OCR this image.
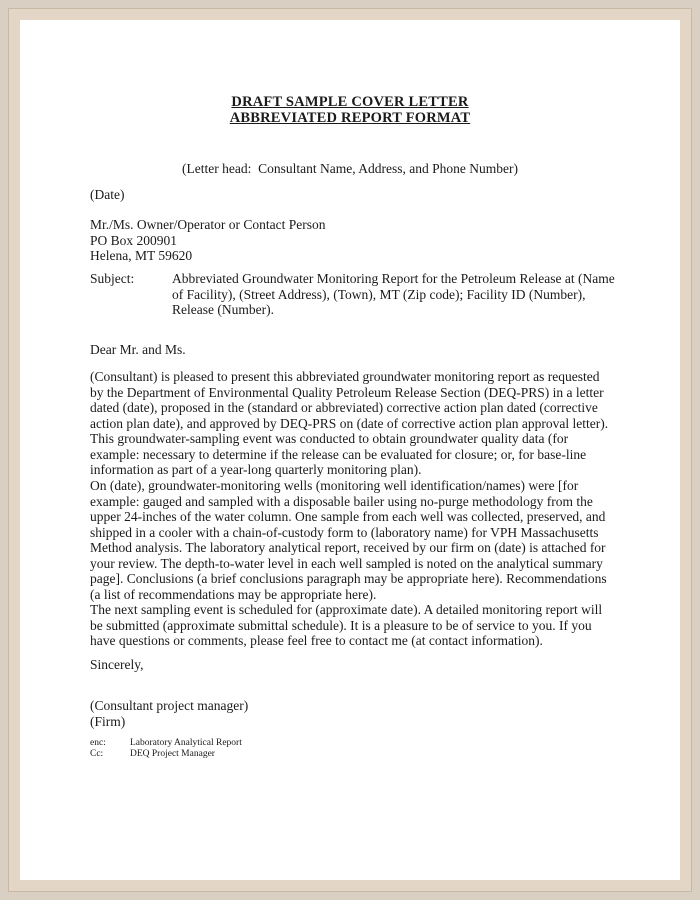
DRAFT SAMPLE COVER LETTER
ABBREVIATED REPORT FORMAT
(Letter head:  Consultant Name, Address, and Phone Number)
(Date)
Mr./Ms. Owner/Operator or Contact Person
PO Box 200901
Helena, MT 59620
Subject:	Abbreviated Groundwater Monitoring Report for the Petroleum Release at (Name of Facility), (Street Address), (Town), MT (Zip code); Facility ID (Number), Release (Number).
Dear Mr. and Ms.
(Consultant) is pleased to present this abbreviated groundwater monitoring report as requested by the Department of Environmental Quality Petroleum Release Section (DEQ-PRS) in a letter dated (date), proposed in the (standard or abbreviated) corrective action plan dated (corrective action plan date), and approved by DEQ-PRS on (date of corrective action plan approval letter). This groundwater-sampling event was conducted to obtain groundwater quality data (for example: necessary to determine if the release can be evaluated for closure; or, for base-line information as part of a year-long quarterly monitoring plan).
On (date), groundwater-monitoring wells (monitoring well identification/names) were [for example: gauged and sampled with a disposable bailer using no-purge methodology from the upper 24-inches of the water column. One sample from each well was collected, preserved, and shipped in a cooler with a chain-of-custody form to (laboratory name) for VPH Massachusetts Method analysis. The laboratory analytical report, received by our firm on (date) is attached for your review. The depth-to-water level in each well sampled is noted on the analytical summary page]. Conclusions (a brief conclusions paragraph may be appropriate here). Recommendations (a list of recommendations may be appropriate here).
The next sampling event is scheduled for (approximate date). A detailed monitoring report will be submitted (approximate submittal schedule). It is a pleasure to be of service to you. If you have questions or comments, please feel free to contact me (at contact information).
Sincerely,
(Consultant project manager)
(Firm)
enc:	Laboratory Analytical Report
Cc:	DEQ Project Manager
